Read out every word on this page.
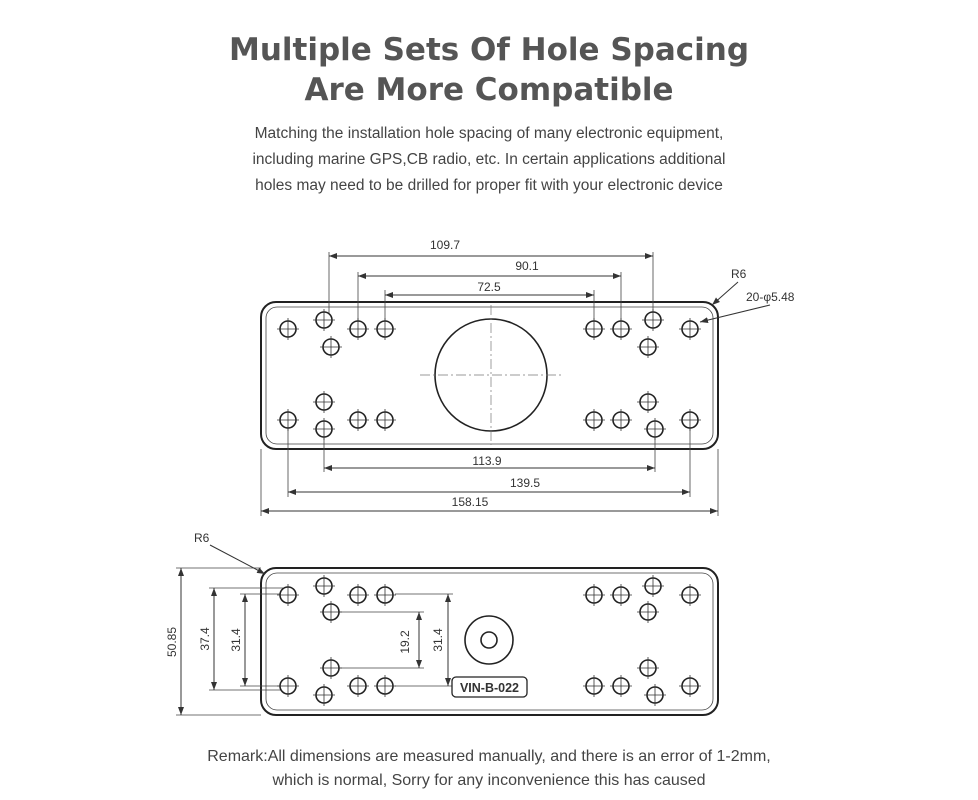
Multiple Sets Of Hole Spacing
Are More Compatible
Matching the installation hole spacing of many electronic equipment,
including marine GPS,CB radio, etc. In certain applications additional
holes may need to be drilled for proper fit with your electronic device
109.7
90.1
72.5
113.9
139.5
158.15
R6
20-φ5.48
50.85 37.4 31.4	19.2 31.4
R6
VIN-B-022
Remark:All dimensions are measured manually, and there is an error of 1-2mm,
which is normal, Sorry for any inconvenience this has caused
